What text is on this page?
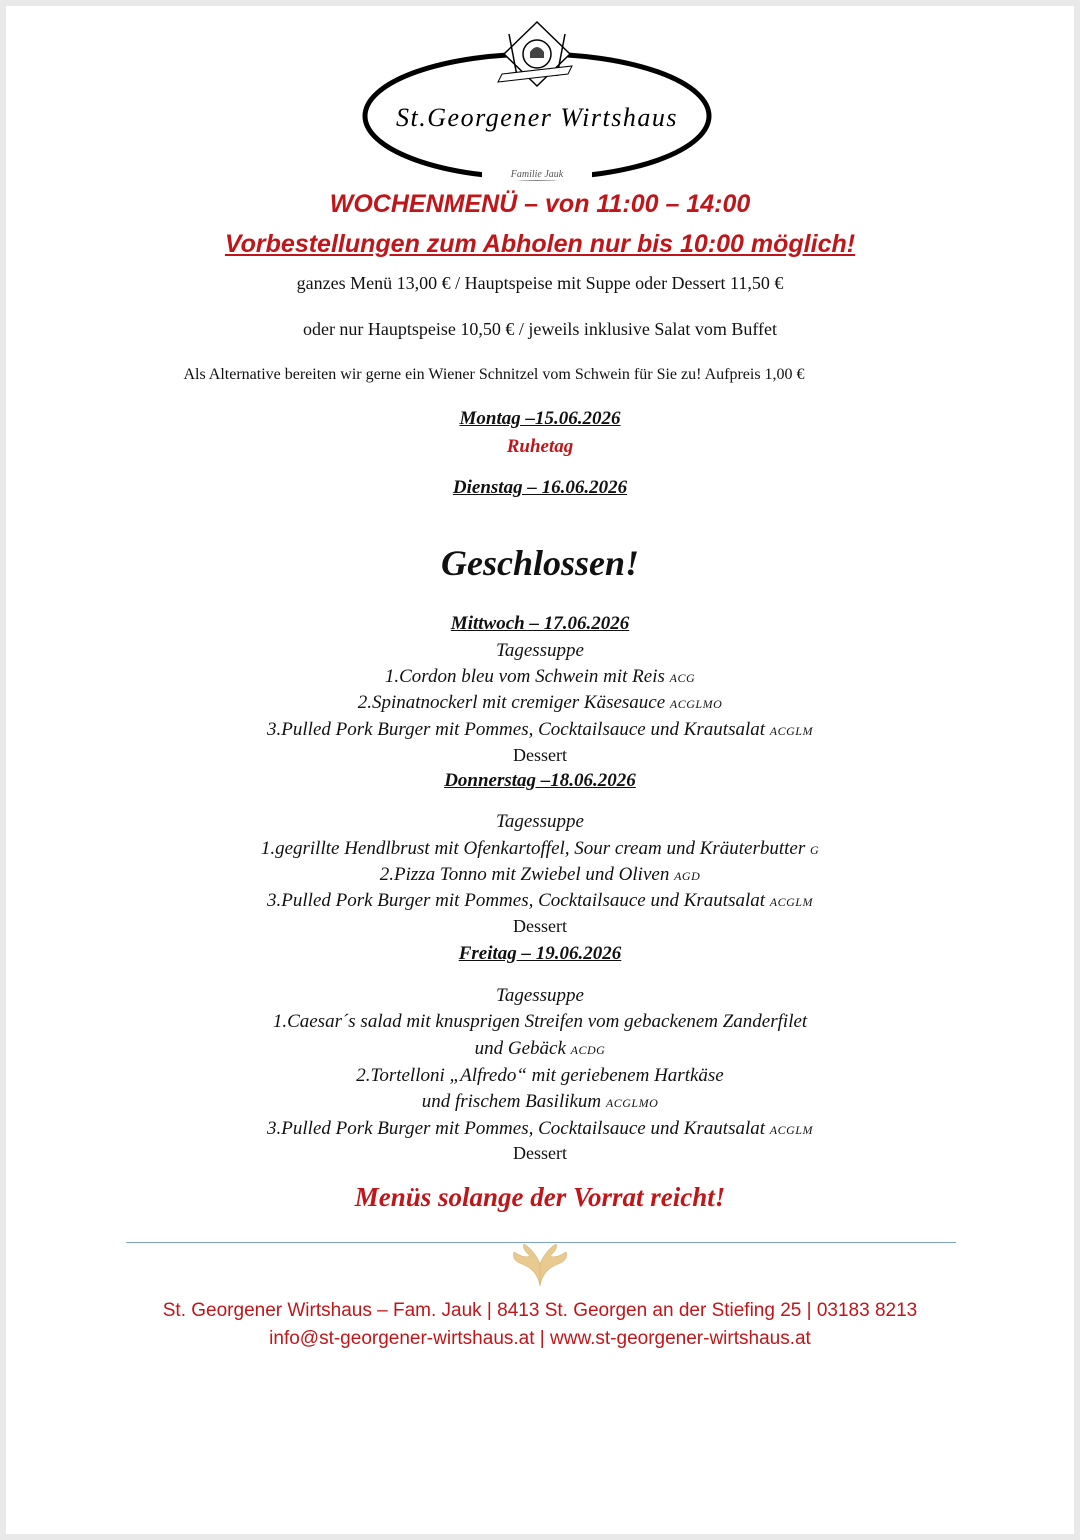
St.Georgener Wirtshaus
Familie Jauk
WOCHENMENÜ – von 11:00 – 14:00
Vorbestellungen zum Abholen nur bis 10:00 möglich!
ganzes Menü 13,00 € / Hauptspeise mit Suppe oder Dessert 11,50 €
oder nur Hauptspeise 10,50 € / jeweils inklusive Salat vom Buffet
Als Alternative bereiten wir gerne ein Wiener Schnitzel vom Schwein für Sie zu! Aufpreis 1,00 €
Montag –15.06.2026
Ruhetag
Dienstag – 16.06.2026
Geschlossen!
Mittwoch – 17.06.2026
Tagessuppe
1.Cordon bleu vom Schwein mit Reis ACG
2.Spinatnockerl mit cremiger Käsesauce ACGLMO
3.Pulled Pork Burger mit Pommes, Cocktailsauce und Krautsalat ACGLM
Dessert
Donnerstag –18.06.2026
Tagessuppe
1.gegrillte Hendlbrust mit Ofenkartoffel, Sour cream und Kräuterbutter G
2.Pizza Tonno mit Zwiebel und Oliven AGD
3.Pulled Pork Burger mit Pommes, Cocktailsauce und Krautsalat ACGLM
Dessert
Freitag – 19.06.2026
Tagessuppe
1.Caesar´s salad mit knusprigen Streifen vom gebackenem Zanderfilet
und Gebäck ACDG
2.Tortelloni „Alfredo“ mit geriebenem Hartkäse
und frischem Basilikum ACGLMO
3.Pulled Pork Burger mit Pommes, Cocktailsauce und Krautsalat ACGLM
Dessert
Menüs solange der Vorrat reicht!
St. Georgener Wirtshaus – Fam. Jauk | 8413 St. Georgen an der Stiefing 25 | 03183 8213
info@st-georgener-wirtshaus.at | www.st-georgener-wirtshaus.at
